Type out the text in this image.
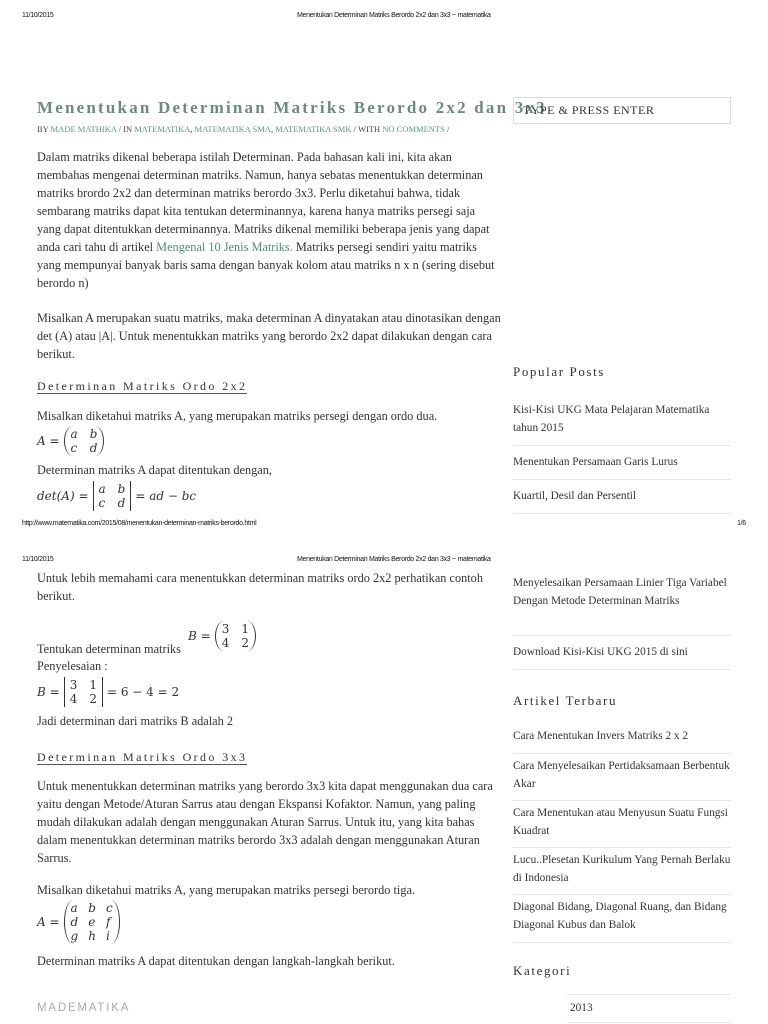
11/10/2015	Menentukan Determinan Matriks Berordo 2x2 dan 3x3 ~ matematika
Menentukan Determinan Matriks Berordo 2x2 dan 3x3
BY MADE MATHIKA / IN MATEMATIKA, MATEMATIKA SMA, MATEMATIKA SMK / WITH NO COMMENTS /

Dalam matriks dikenal beberapa istilah Determinan. Pada bahasan kali ini, kita akan membahas mengenai determinan matriks. Namun, hanya sebatas menentukkan determinan matriks brordo 2x2 dan determinan matriks berordo 3x3. Perlu diketahui bahwa, tidak sembarang matriks dapat kita tentukan determinannya, karena hanya matriks persegi saja yang dapat ditentukkan determinannya. Matriks dikenal memiliki beberapa jenis yang dapat anda cari tahu di artikel Mengenal 10 Jenis Matriks. Matriks persegi sendiri yaitu matriks yang mempunyai banyak baris sama dengan banyak kolom atau matriks n x n (sering disebut berordo n)

Misalkan A merupakan suatu matriks, maka determinan A dinyatakan atau dinotasikan dengan det (A) atau |A|. Untuk menentukkan matriks yang berordo 2x2 dapat dilakukan dengan cara berikut.

Determinan Matriks Ordo 2x2

Misalkan diketahui matriks A, yang merupakan matriks persegi dengan ordo dua.

A = a b
c d

Determinan matriks A dapat ditentukan dengan,

det(A) = a b
c d = ad − bc
TYPE & PRESS ENTER
Popular Posts
Kisi-Kisi UKG Mata Pelajaran Matematika tahun 2015
Menentukan Persamaan Garis Lurus
Kuartil, Desil dan Persentil
http://www.matematika.com/2015/08/menentukan-determinan-matriks-berordo.html	1/6
11/10/2015	Menentukan Determinan Matriks Berordo 2x2 dan 3x3 ~ matematika

Untuk lebih memahami cara menentukkan determinan matriks ordo 2x2 perhatikan contoh berikut.

Tentukan determinan matriks

B = 3 1
4 2

Penyelesaian :

B = 3 1
4 2 = 6 − 4 = 2

Jadi determinan dari matriks B adalah 2

Determinan Matriks Ordo 3x3

Untuk menentukkan determinan matriks yang berordo 3x3 kita dapat menggunakan dua cara yaitu dengan Metode/Aturan Sarrus atau dengan Ekspansi Kofaktor. Namun, yang paling mudah dilakukan adalah dengan menggunakan Aturan Sarrus. Untuk itu, yang kita bahas dalam menentukkan determinan matriks berordo 3x3 adalah dengan menggunakan Aturan Sarrus.

Misalkan diketahui matriks A, yang merupakan matriks persegi berordo tiga.

A =
a b c
d e f
g h i

Determinan matriks A dapat ditentukan dengan langkah-langkah berikut.

MADEMATIKA
Menyelesaikan Persamaan Linier Tiga Variabel Dengan Metode Determinan Matriks
Download Kisi-Kisi UKG 2015 di sini
Artikel Terbaru
Cara Menentukan Invers Matriks 2 x 2
Cara Menyelesaikan Pertidaksamaan Berbentuk Akar
Cara Menentukan atau Menyusun Suatu Fungsi Kuadrat
Lucu..Plesetan Kurikulum Yang Pernah Berlaku di Indonesia
Diagonal Bidang, Diagonal Ruang, dan Bidang Diagonal Kubus dan Balok
Kategori
2013
